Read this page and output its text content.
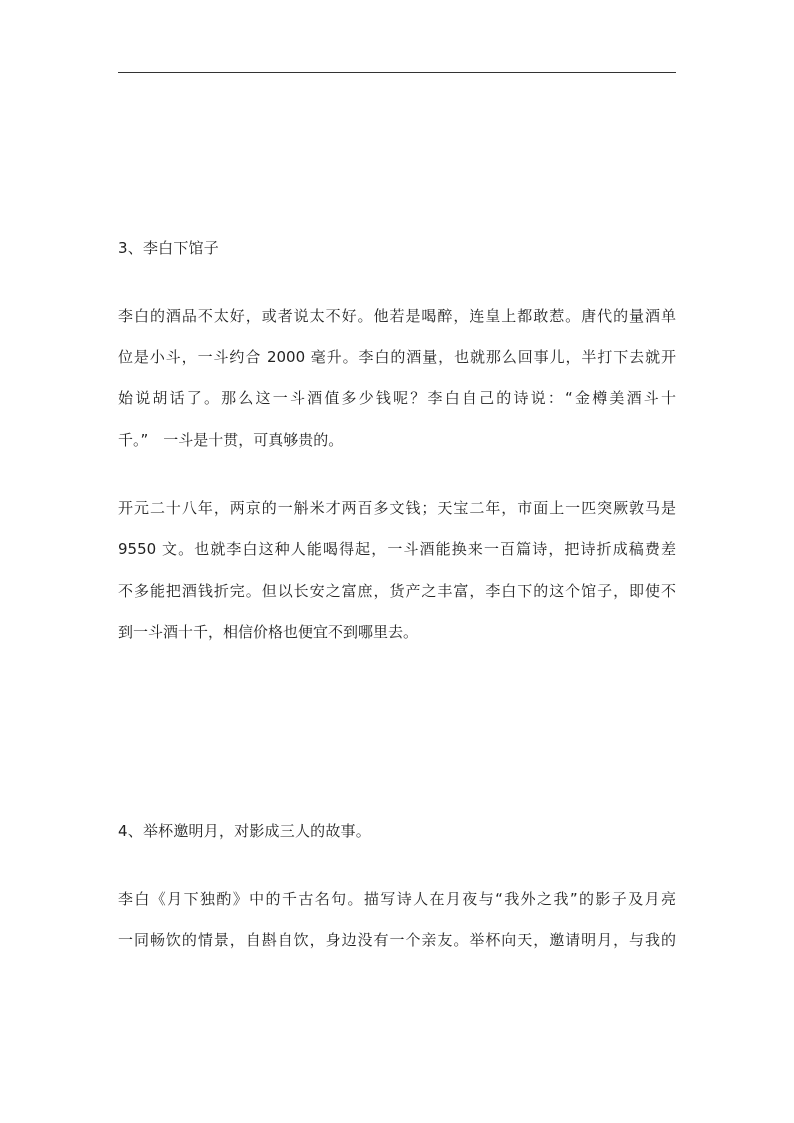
3、李白下馆子
李白的酒品不太好，或者说太不好。他若是喝醉，连皇上都敢惹。唐代的量酒单
位是小斗，一斗约合 2000 毫升。李白的酒量，也就那么回事儿，半打下去就开
始说胡话了。那么这一斗酒值多少钱呢？李白自己的诗说：“金樽美酒斗十
千。”　一斗是十贯，可真够贵的。
开元二十八年，两京的一斛米才两百多文钱；天宝二年，市面上一匹突厥敦马是
9550 文。也就李白这种人能喝得起，一斗酒能换来一百篇诗，把诗折成稿费差
不多能把酒钱折完。但以长安之富庶，货产之丰富，李白下的这个馆子，即使不
到一斗酒十千，相信价格也便宜不到哪里去。
4、举杯邀明月，对影成三人的故事。
李白《月下独酌》中的千古名句。描写诗人在月夜与“我外之我”的影子及月亮
一同畅饮的情景，自斟自饮，身边没有一个亲友。举杯向天，邀请明月，与我的
